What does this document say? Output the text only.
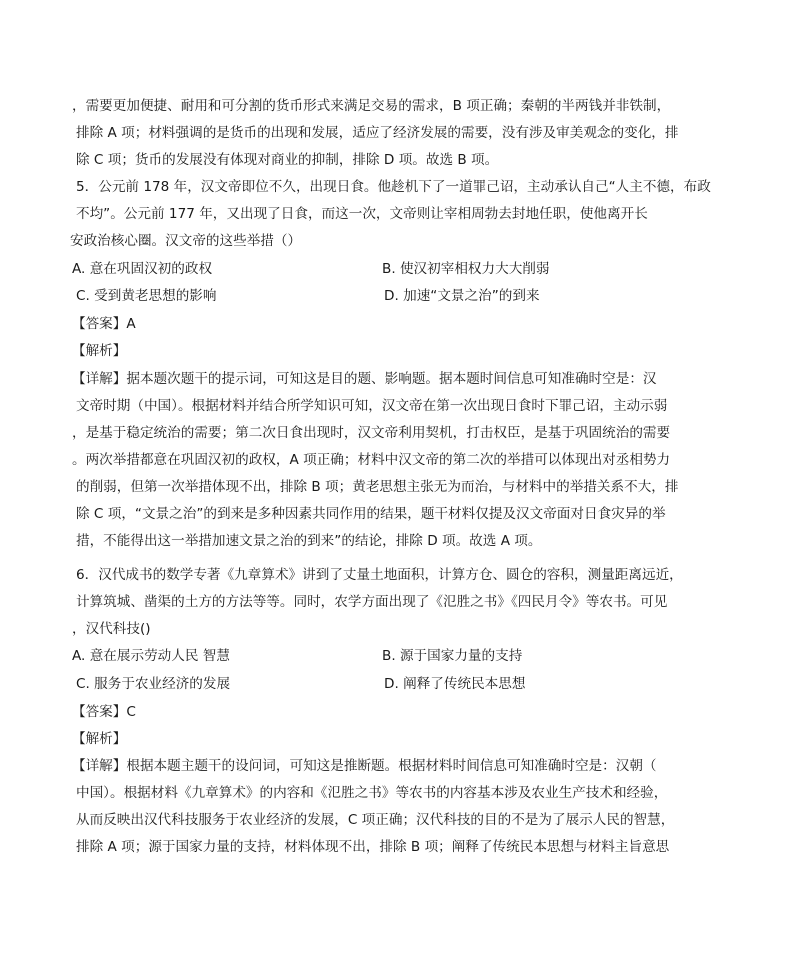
，需要更加便捷、耐用和可分割的货币形式来满足交易的需求，B 项正确；秦朝的半两钱并非铁制，
排除 A 项；材料强调的是货币的出现和发展，适应了经济发展的需要，没有涉及审美观念的变化，排
除 C 项；货币的发展没有体现对商业的抑制，排除 D 项。故选 B 项。
5．公元前 178 年，汉文帝即位不久，出现日食。他趁机下了一道罪己诏，主动承认自己“人主不德，布政
不均”。公元前 177 年，又出现了日食，而这一次，文帝则让宰相周勃去封地任职，使他离开长
安政治核心圈。汉文帝的这些举措（）
A. 意在巩固汉初的政权	B. 使汉初宰相权力大大削弱
C. 受到黄老思想的影响	D. 加速“文景之治”的到来
【答案】A
【解析】
【详解】据本题次题干的提示词，可知这是目的题、影响题。据本题时间信息可知准确时空是：汉
文帝时期（中国）。根据材料并结合所学知识可知，汉文帝在第一次出现日食时下罪己诏，主动示弱
，是基于稳定统治的需要；第二次日食出现时，汉文帝利用契机，打击权臣，是基于巩固统治的需要
。两次举措都意在巩固汉初的政权，A 项正确；材料中汉文帝的第二次的举措可以体现出对丞相势力
的削弱，但第一次举措体现不出，排除 B 项；黄老思想主张无为而治，与材料中的举措关系不大，排
除 C 项，“文景之治”的到来是多种因素共同作用的结果，题干材料仅提及汉文帝面对日食灾异的举
措，不能得出这一举措加速文景之治的到来”的结论，排除 D 项。故选 A 项。
6．汉代成书的数学专著《九章算术》讲到了丈量土地面积，计算方仓、圆仓的容积，测量距离远近，
计算筑城、凿渠的土方的方法等等。同时，农学方面出现了《氾胜之书》《四民月令》等农书。可见
，汉代科技()
A. 意在展示劳动人民 智慧	B. 源于国家力量的支持
C. 服务于农业经济的发展	D. 阐释了传统民本思想
【答案】C
【解析】
【详解】根据本题主题干的设问词，可知这是推断题。根据材料时间信息可知准确时空是：汉朝（
中国）。根据材料《九章算术》的内容和《氾胜之书》等农书的内容基本涉及农业生产技术和经验，
从而反映出汉代科技服务于农业经济的发展，C 项正确；汉代科技的目的不是为了展示人民的智慧，
排除 A 项；源于国家力量的支持，材料体现不出，排除 B 项；阐释了传统民本思想与材料主旨意思
